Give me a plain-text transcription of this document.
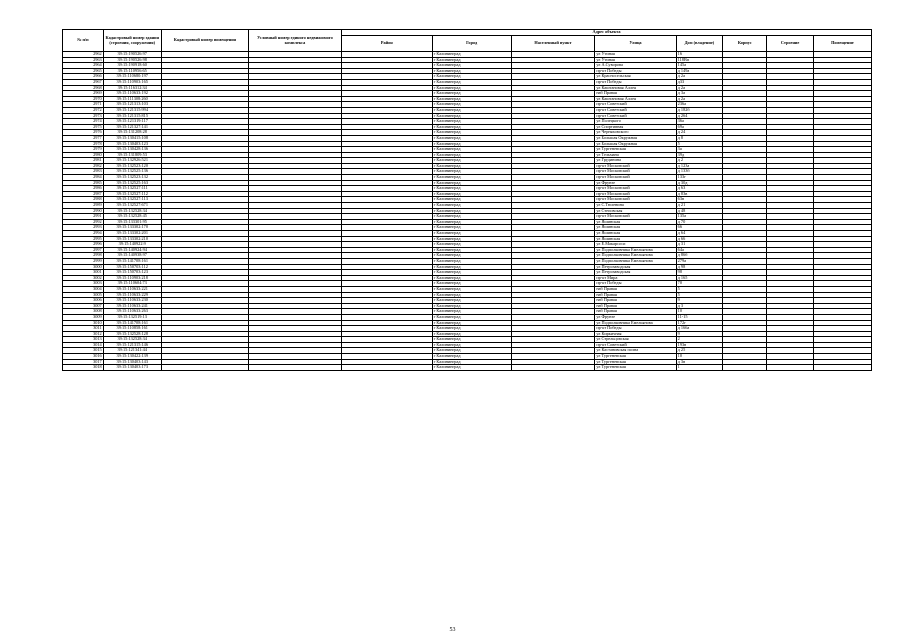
№ п/п	Кадастровый номер здания (строения, сооружения)	Кадастровый номер помещения	Условный номер единого недвижимого комплекса	Адрес объекта							
				Район	Город	Населенный пункт	Улица	Дом (владение)	Корпус	Строение	Помещение
2962	39:15:190526:97				г Калининград		ул Утиная	16			
2963	39:15:190526:98				г Калининград		ул Утиная	118Вп			
2964	39:15:190918:60				г Калининград		ул А.Суворова	145а			
2965	39:15:110956:65				г Калининград		пр-кт Победы	д 149а			
2966	39:15:110680:197				г Калининград		ул Красносельская	д 2а			
2967	39:15:110903:165				г Калининград		пр-кт Победы	д33			
2968	39:15:116312:34				г Калининград		ул Каштановая Аллея	д 2а			
2969	39:15:110633:192				г Калининград		наб Правая	д 3а			
2970	39:15:111308:260				г Калининград		ул Каштановая Аллея	д 2а			
2971	39:15:121313:103				г Калининград		пр-кт Советский	236а			
2972	39:15:121315:994				г Калининград		пр-кт Советский	д 182б			
2973	39:15:121315:815				г Калининград		пр-кт Советский	д 264			
2974	39:15:121319:117				г Калининград		ул Полецкого	36а			
2975	39:15:121327:141				г Калининград		ул Спортивная	69а			
2976	39:15:131208:28				г Калининград		ул Черняховского	д 24			
2977	39:15:130415:108				г Калининград		ул Большая Окружная	д 8			
2978	39:15:130403:123				г Калининград		ул Большая Окружная	5			
2979	39:15:130428:136				г Калининград		ул Тургеневская	3а			
2980	39:15:131809:53				г Калининград		ул Тельмана	39д			
2981	39:15:132926:521				г Калининград		ул Грудининa	д 2			
2982	39:15:132523:120				г Калининград		пр-кт Московский	д 123а			
2983	39:15:132525:136				г Калининград		пр-кт Московский	д 133б			
2984	39:15:132523:132				г Калининград		пр-кт Московский	133г			
2985	39:15:132525:163				г Калининград		ул Фрунзе	д 30д			
2986	39:15:132527:111				г Калининград		пр-кт Московский	д 63			
2987	39:15:132527:112				г Калининград		пр-кт Московский	д 83в			
2988	39:15:132527:113				г Калининград		пр-кт Московский	63в			
2989	39:15:132527:671				г Калининград		ул С.Тюленина	д 21			
2990	39:15:132528:34				г Калининград		ул Степовская	д 48			
2991	39:15:132528:45				г Калининград		пр-кт Московский	135а			
2992	39:15:133301:95				г Калининград		ул Яшинская	д 70			
2993	39:15:133302:170				г Калининград		ул Яшинская	66			
2994	39:15:133302:201				г Калининград		ул Яшинская	д 64			
2995	39:15:133302:210				г Калининград		ул Яшинская	д 66			
2996	39:15:140922:9				г Калининград		ул Е.Макарсоси	д 31			
2997	39:15:140924:94				г Калининград		ул Подполковника Емельянова	64а			
2998	39:15:140938:97				г Калининград		ул Подполковника Емельянова	д 86б			
2999	39:15:141708:161				г Калининград		ул Подполковника Емельянова	279а			
3000	39:15:150703:112				г Калининград		ул Петрозаводская	д 98			
3001	39:15:150703:123				г Калининград		ул Петрозаводская	98			
3002	39:15:110903:218				г Калининград		пр-кт Мира	д 165			
3003	39:15:110604:73				г Калининград		пр-кт Победы	70			
3004	39:15:110633:221				г Калининград		наб Правая	5			
3005	39:15:110633:229				г Калининград		наб Правая	5			
3006	39:15:110633:230				г Калининград		наб Правая	9			
3007	39:15:110633:241				г Калининград		наб Правая	д 3			
3008	39:15:110633:263				г Калининград		наб Правая	10			
3009	39:15:132519:13				г Калининград		ул Фрунзе	11-15			
3010	39:15:141708:161				г Калининград		ул Подполковника Емельянова	172г			
3011	39:15:110858:161				г Калининград		пр-кт Победы	д 166а			
3012	39:15:132528:128				г Калининград		ул Киркичная	9			
3013	39:15:132528:34				г Калининград		ул Стрельцовская	2			
3014	39:15:121315:146				г Калининград		пр-кт Советский	193в			
3015	39:15:121341:44				г Калининград		ул Кастанивская полна	д 25			
3016	39:15:130422:139				г Калининград		ул Тургеневская	10			
3017	39:15:130403:143				г Калининград		ул Тургеневская	д 3в			
3018	39:15:130403:173				г Калининград		ул Тургеневская	1			
53
